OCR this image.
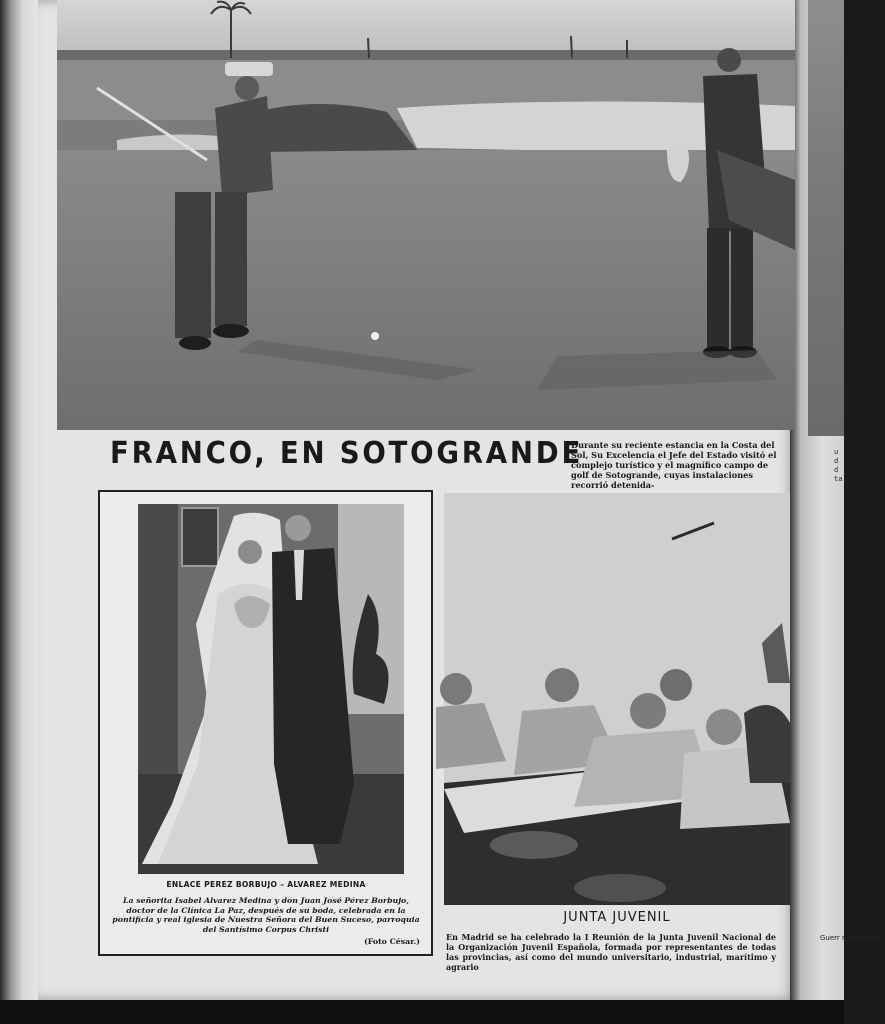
u d d ta
Guerr nimit teame
FRANCO, EN SOTOGRANDE
Durante su reciente estancia en la Costa del Sol, Su Excelencia el Jefe del Estado visitó el complejo turístico y el magnífico campo de golf de Sotogrande, cuyas instalaciones recorrió detenida-
ENLACE PEREZ BORBUJO – ALVAREZ MEDINA
La señorita Isabel Alvarez Medina y don Juan José Pérez Borbujo, doctor de la Clínica La Paz, después de su boda, celebrada en la pontificia y real iglesia de Nuestra Señora del Buen Suceso, parroquia del Santísimo Corpus Christi
(Foto César.)
JUNTA JUVENIL
En Madrid se ha celebrado la I Reunión de la Junta Juvenil Nacional de la Organización Juvenil Española, formada por representantes de todas las provincias, así como del mundo universitario, industrial, marítimo y agrario
